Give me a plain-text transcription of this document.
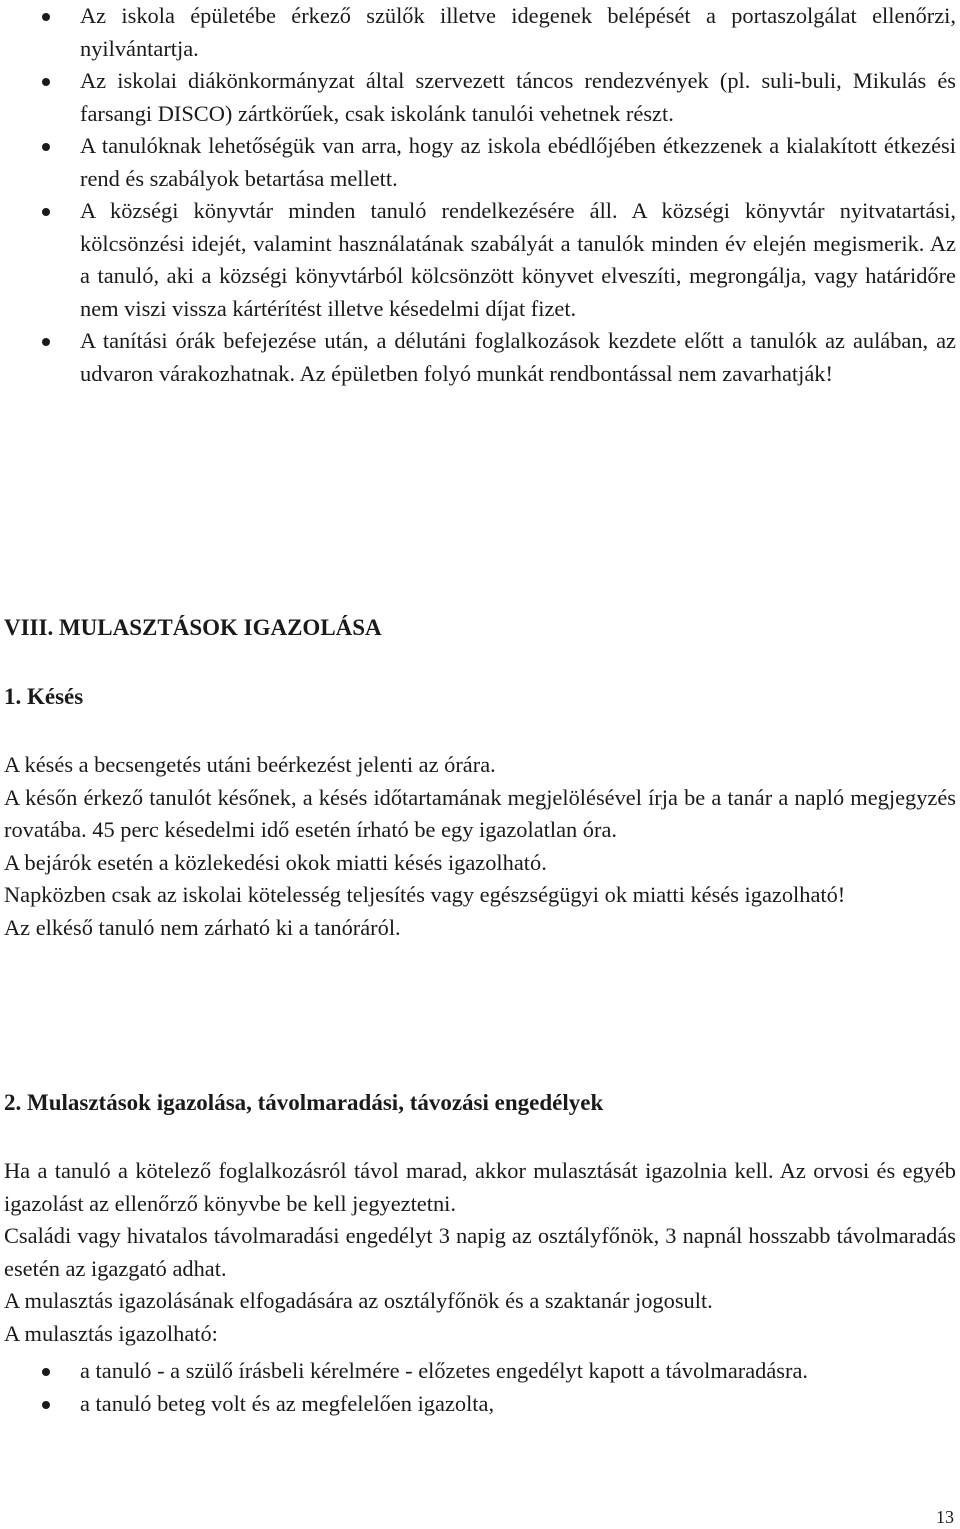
Az iskola épületébe érkező szülők illetve idegenek belépését a portaszolgálat ellenőrzi, nyilvántartja.
Az iskolai diákönkormányzat által szervezett táncos rendezvények (pl. suli-buli, Mikulás és farsangi DISCO) zártkörűek, csak iskolánk tanulói vehetnek részt.
A tanulóknak lehetőségük van arra, hogy az iskola ebédlőjében étkezzenek a kialakított étkezési rend és szabályok betartása mellett.
A községi könyvtár minden tanuló rendelkezésére áll. A községi könyvtár nyitvatartási, kölcsönzési idejét, valamint használatának szabályát a tanulók minden év elején megismerik. Az a tanuló, aki a községi könyvtárból kölcsönzött könyvet elveszíti, megrongálja, vagy határidőre nem viszi vissza kártérítést illetve késedelmi díjat fizet.
A tanítási órák befejezése után, a délutáni foglalkozások kezdete előtt a tanulók az aulában, az udvaron várakozhatnak. Az épületben folyó munkát rendbontással nem zavarhatják!
VIII. MULASZTÁSOK IGAZOLÁSA
1. Késés

A késés a becsengetés utáni beérkezést jelenti az órára.

A későn érkező tanulót későnek, a késés időtartamának megjelölésével írja be a tanár a napló megjegyzés rovatába. 45 perc késedelmi idő esetén írható be egy igazolatlan óra.

A bejárók esetén a közlekedési okok miatti késés igazolható.

Napközben csak az iskolai kötelesség teljesítés vagy egészségügyi ok miatti késés igazolható!

Az elkéső tanuló nem zárható ki a tanóráról.

2. Mulasztások igazolása, távolmaradási, távozási engedélyek

Ha a tanuló a kötelező foglalkozásról távol marad, akkor mulasztását igazolnia kell. Az orvosi és egyéb igazolást az ellenőrző könyvbe be kell jegyeztetni.

Családi vagy hivatalos távolmaradási engedélyt 3 napig az osztályfőnök, 3 napnál hosszabb távolmaradás esetén az igazgató adhat.

A mulasztás igazolásának elfogadására az osztályfőnök és a szaktanár jogosult.

A mulasztás igazolható:

a tanuló - a szülő írásbeli kérelmére - előzetes engedélyt kapott a távolmaradásra.
a tanuló beteg volt és az megfelelően igazolta,
13
